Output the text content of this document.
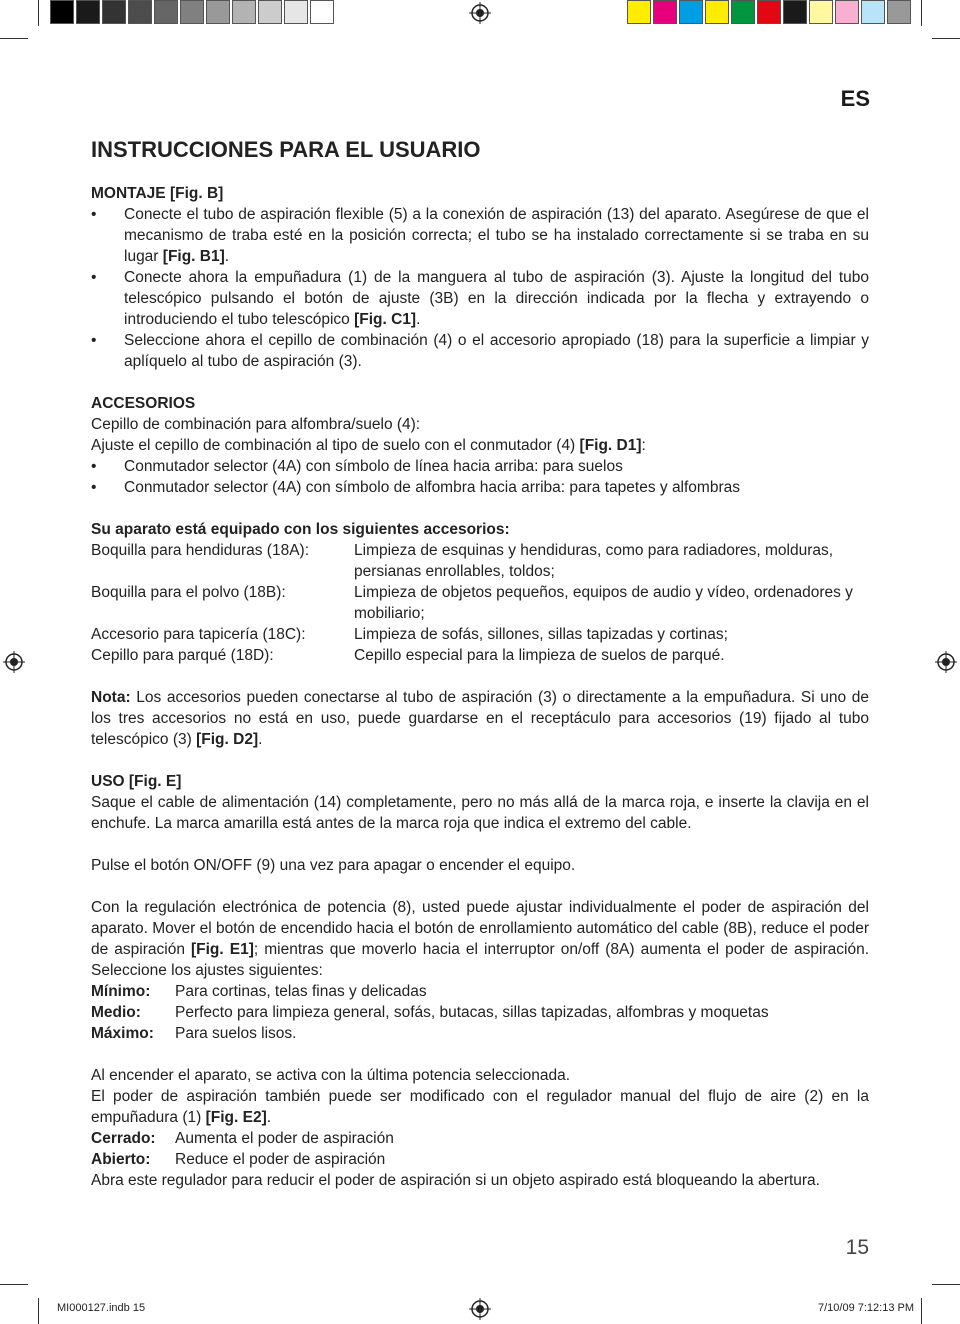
ES
INSTRUCCIONES PARA EL USUARIO
MONTAJE [Fig. B]
• Conecte el tubo de aspiración flexible (5) a la conexión de aspiración (13) del aparato. Asegúrese de que el mecanismo de traba esté en la posición correcta; el tubo se ha instalado correctamente si se traba en su lugar [Fig. B1].
• Conecte ahora la empuñadura (1) de la manguera al tubo de aspiración (3). Ajuste la longitud del tubo telescópico pulsando el botón de ajuste (3B) en la dirección indicada por la flecha y extrayendo o introduciendo el tubo telescópico [Fig. C1].
• Seleccione ahora el cepillo de combinación (4) o el accesorio apropiado (18) para la superficie a limpiar y aplíquelo al tubo de aspiración (3).
ACCESORIOS
Cepillo de combinación para alfombra/suelo (4):
Ajuste el cepillo de combinación al tipo de suelo con el conmutador (4) [Fig. D1]:
• Conmutador selector (4A) con símbolo de línea hacia arriba: para suelos
• Conmutador selector (4A) con símbolo de alfombra hacia arriba: para tapetes y alfombras
Su aparato está equipado con los siguientes accesorios:
Boquilla para hendiduras (18A):	Limpieza de esquinas y hendiduras, como para radiadores, molduras, persianas enrollables, toldos;
Boquilla para el polvo (18B):	Limpieza de objetos pequeños, equipos de audio y vídeo, ordenadores y mobiliario;
Accesorio para tapicería (18C):	Limpieza de sofás, sillones, sillas tapizadas y cortinas;
Cepillo para parqué (18D):	Cepillo especial para la limpieza de suelos de parqué.
Nota: Los accesorios pueden conectarse al tubo de aspiración (3) o directamente a la empuñadura. Si uno de los tres accesorios no está en uso, puede guardarse en el receptáculo para accesorios (19) fijado al tubo telescópico (3) [Fig. D2].
USO [Fig. E]
Saque el cable de alimentación (14) completamente, pero no más allá de la marca roja, e inserte la clavija en el enchufe. La marca amarilla está antes de la marca roja que indica el extremo del cable.
Pulse el botón ON/OFF (9) una vez para apagar o encender el equipo.
Con la regulación electrónica de potencia (8), usted puede ajustar individualmente el poder de aspiración del aparato. Mover el botón de encendido hacia el botón de enrollamiento automático del cable (8B), reduce el poder de aspiración [Fig. E1]; mientras que moverlo hacia el interruptor on/off (8A) aumenta el poder de aspiración. Seleccione los ajustes siguientes:
Mínimo:	Para cortinas, telas finas y delicadas
Medio:	Perfecto para limpieza general, sofás, butacas, sillas tapizadas, alfombras y moquetas
Máximo:	Para suelos lisos.
Al encender el aparato, se activa con la última potencia seleccionada.
El poder de aspiración también puede ser modificado con el regulador manual del flujo de aire (2) en la empuñadura (1) [Fig. E2].
Cerrado:	Aumenta el poder de aspiración
Abierto:	Reduce el poder de aspiración
Abra este regulador para reducir el poder de aspiración si un objeto aspirado está bloqueando la abertura.
15
MI000127.indb 15	7/10/09 7:12:13 PM
